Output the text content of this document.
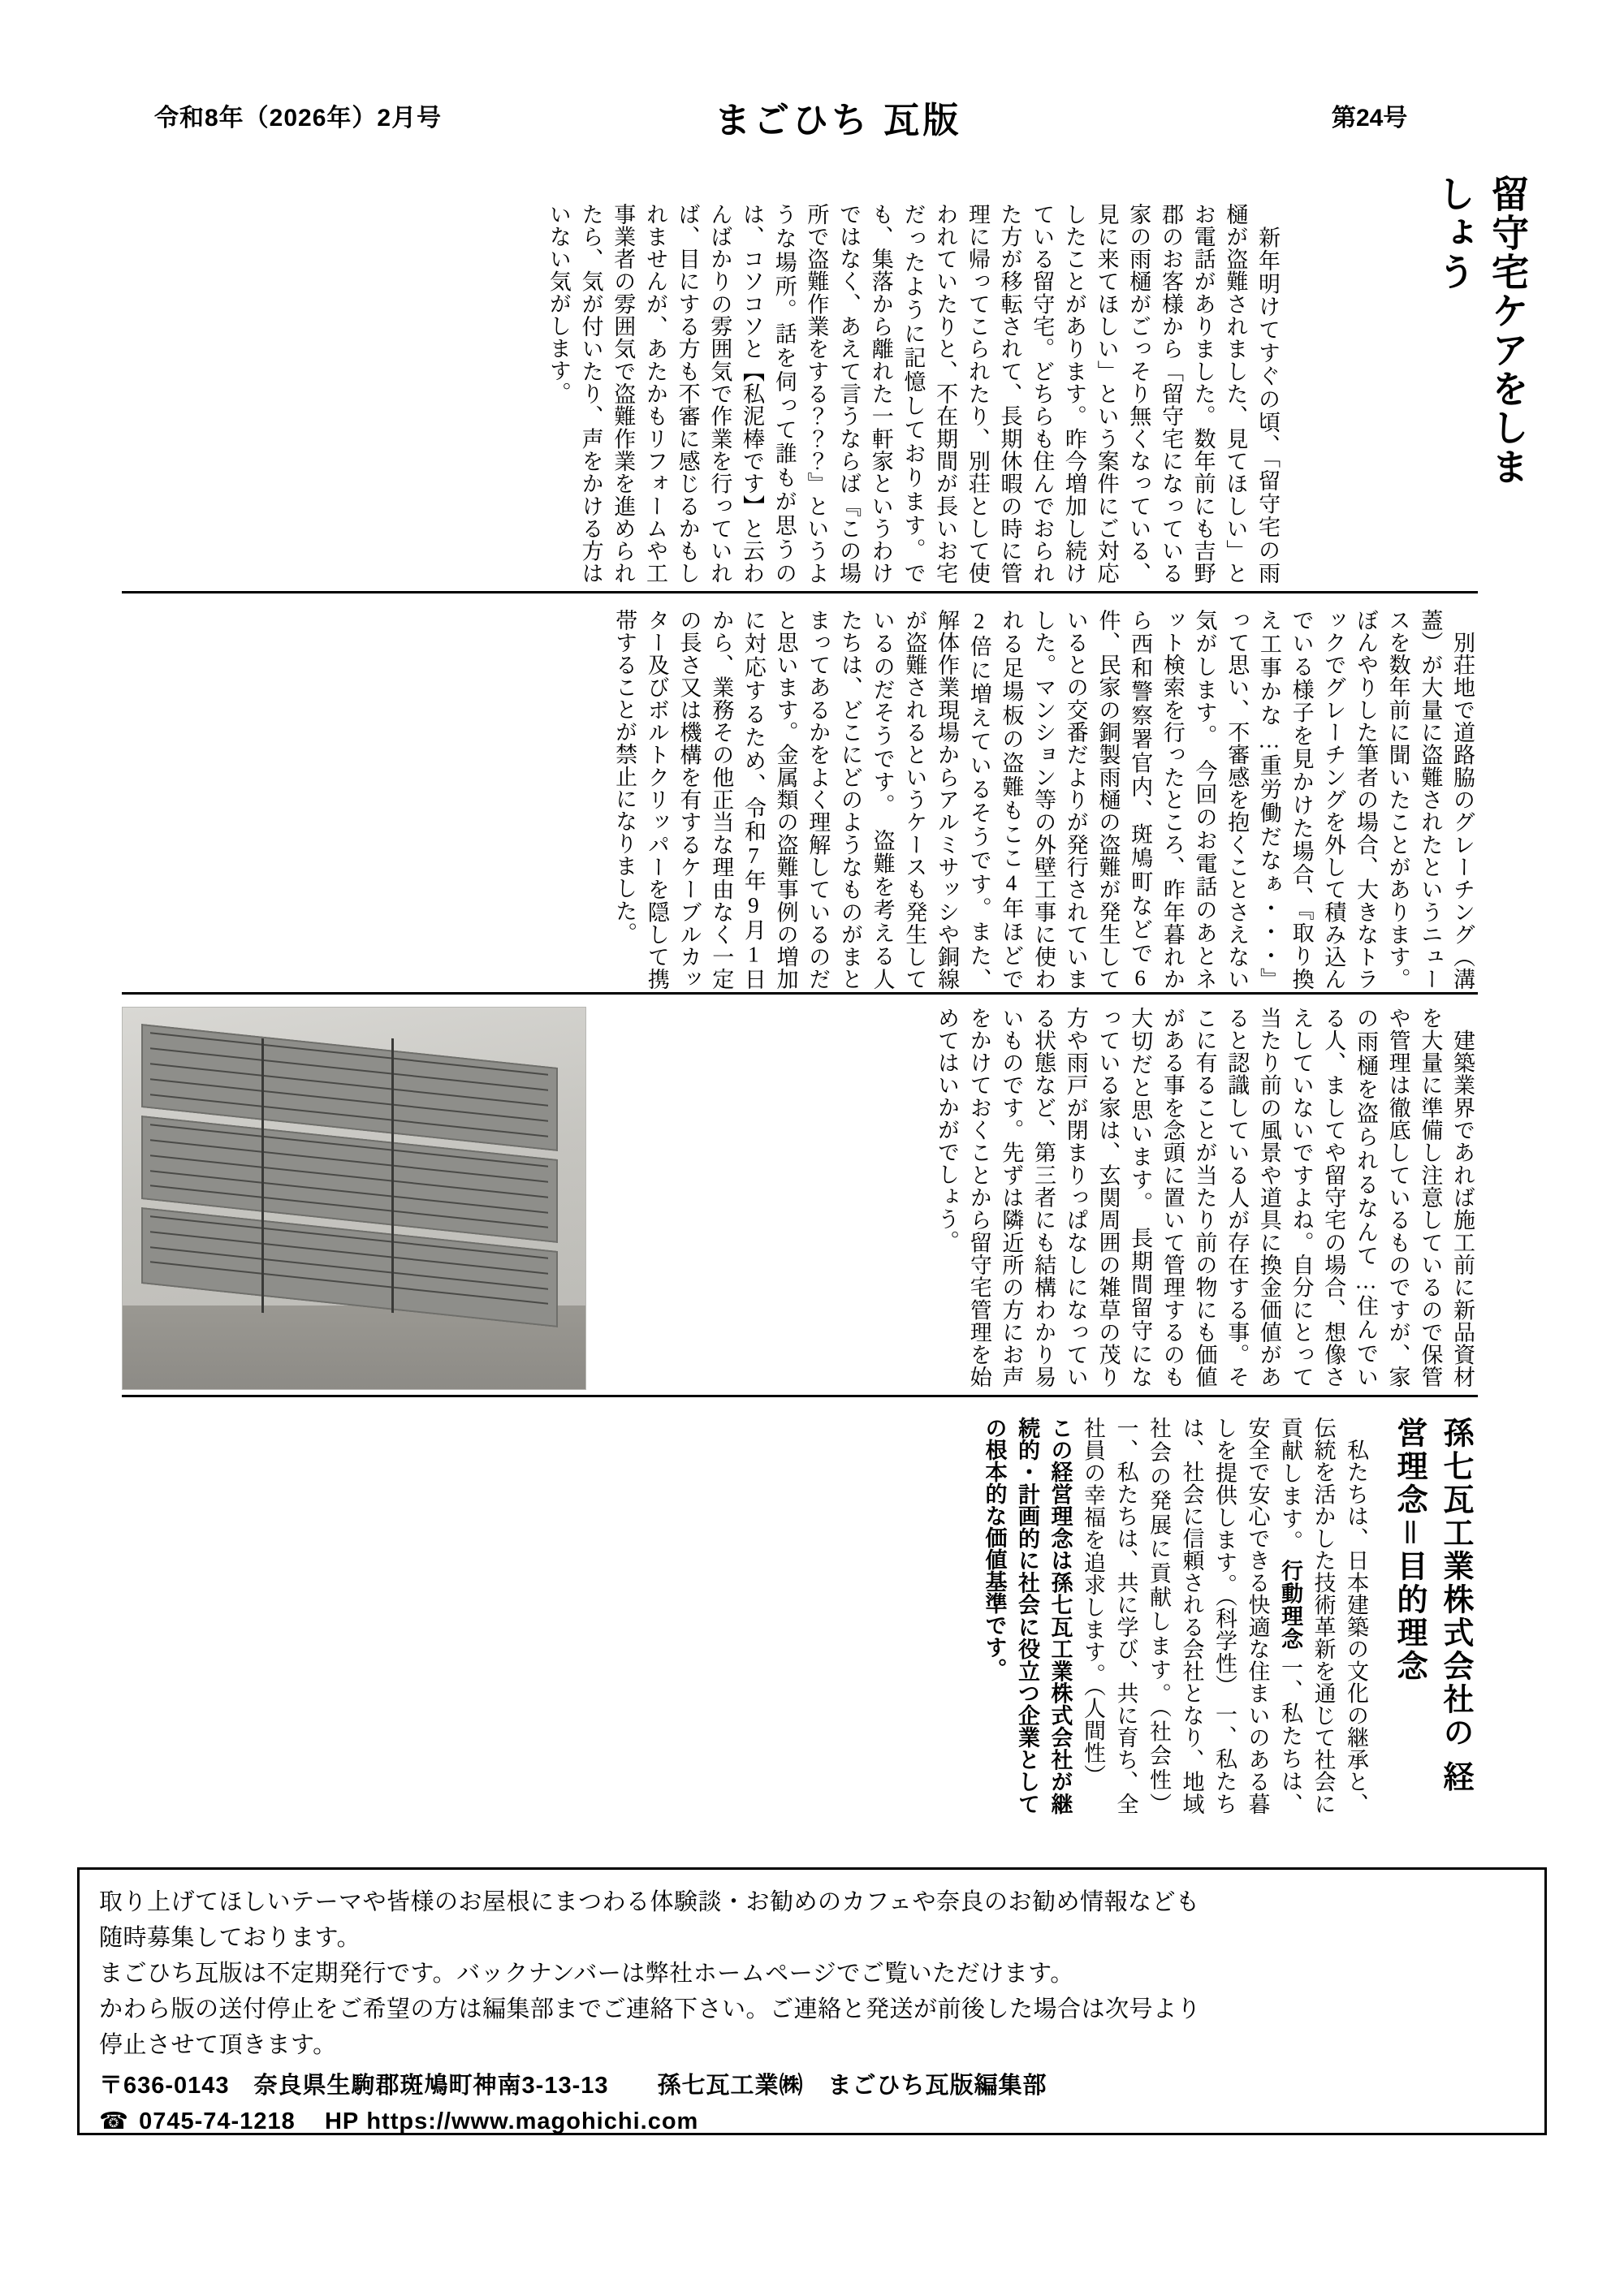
令和8年（2026年）2月号	まごひち 瓦版	第24号
留守宅ケアをしましょう
　新年明けてすぐの頃、「留守宅の雨樋が盗難されました、見てほしい」とお電話がありました。数年前にも吉野郡のお客様から「留守宅になっている家の雨樋がごっそり無くなっている、見に来てほしい」という案件にご対応したことがあります。昨今増加し続けている留守宅。どちらも住んでおられた方が移転されて、長期休暇の時に管理に帰ってこられたり、別荘として使われていたりと、不在期間が長いお宅だったように記憶しております。でも、集落から離れた一軒家というわけではなく、あえて言うならば『この場所で盗難作業をする？？？』というような場所。話を伺って誰もが思うのは、コソコソと【私泥棒です】と云わんばかりの雰囲気で作業を行っていれば、目にする方も不審に感じるかもしれませんが、あたかもリフォームや工事業者の雰囲気で盗難作業を進められたら、気が付いたり、声をかける方はいない気がします。
　別荘地で道路脇のグレーチング（溝蓋）が大量に盗難されたというニュースを数年前に聞いたことがあります。ぼんやりした筆者の場合、大きなトラックでグレーチングを外して積み込んでいる様子を見かけた場合、『取り換え工事かな…重労働だなぁ・・・』って思い、不審感を抱くことさえない気がします。　今回のお電話のあとネット検索を行ったところ、昨年暮れから西和警察署官内、斑鳩町などで6件、民家の銅製雨樋の盗難が発生しているとの交番だよりが発行されていました。マンション等の外壁工事に使われる足場板の盗難もここ4年ほどで2倍に増えているそうです。また、解体作業現場からアルミサッシや銅線が盗難されるというケースも発生しているのだそうです。　盗難を考える人たちは、どこにどのようなものがまとまってあるかをよく理解しているのだと思います。金属類の盗難事例の増加に対応するため、令和7年9月1日から、業務その他正当な理由なく一定の長さ又は機構を有するケーブルカッター及びボルトクリッパーを隠して携帯することが禁止になりました。
　建築業界であれば施工前に新品資材を大量に準備し注意しているので保管や管理は徹底しているものですが、家の雨樋を盗られるなんて…住んでいる人、ましてや留守宅の場合、想像さえしていないですよね。自分にとって当たり前の風景や道具に換金価値があると認識している人が存在する事。そこに有ることが当たり前の物にも価値がある事を念頭に置いて管理するのも大切だと思います。　長期間留守になっている家は、玄関周囲の雑草の茂り方や雨戸が閉まりっぱなしになっている状態など、第三者にも結構わかり易いものです。先ずは隣近所の方にお声をかけておくことから留守宅管理を始めてはいかがでしょう。
孫七瓦工業株式会社の 経営理念＝目的理念
　私たちは、日本建築の文化の継承と、伝統を活かした技術革新を通じて社会に貢献します。 行動理念 一、私たちは、安全で安心できる快適な住まいのある暮しを提供します。（科学性） 一、私たちは、社会に信頼される会社となり、地域社会の発展に貢献します。（社会性） 一、私たちは、共に学び、共に育ち、全社員の幸福を追求します。（人間性） 　この経営理念は孫七瓦工業株式会社が継続的・計画的に社会に役立つ企業としての根本的な価値基準です。

取り上げてほしいテーマや皆様のお屋根にまつわる体験談・お勧めのカフェや奈良のお勧め情報なども

随時募集しております。

まごひち瓦版は不定期発行です。バックナンバーは弊社ホームページでご覧いただけます。

かわら版の送付停止をご希望の方は編集部までご連絡下さい。ご連絡と発送が前後した場合は次号より

停止させて頂きます。

〒636-0143　奈良県生駒郡斑鳩町神南3-13-13　　孫七瓦工業㈱　まごひち瓦版編集部

☎ 0745-74-1218 HP https://www.magohichi.com
